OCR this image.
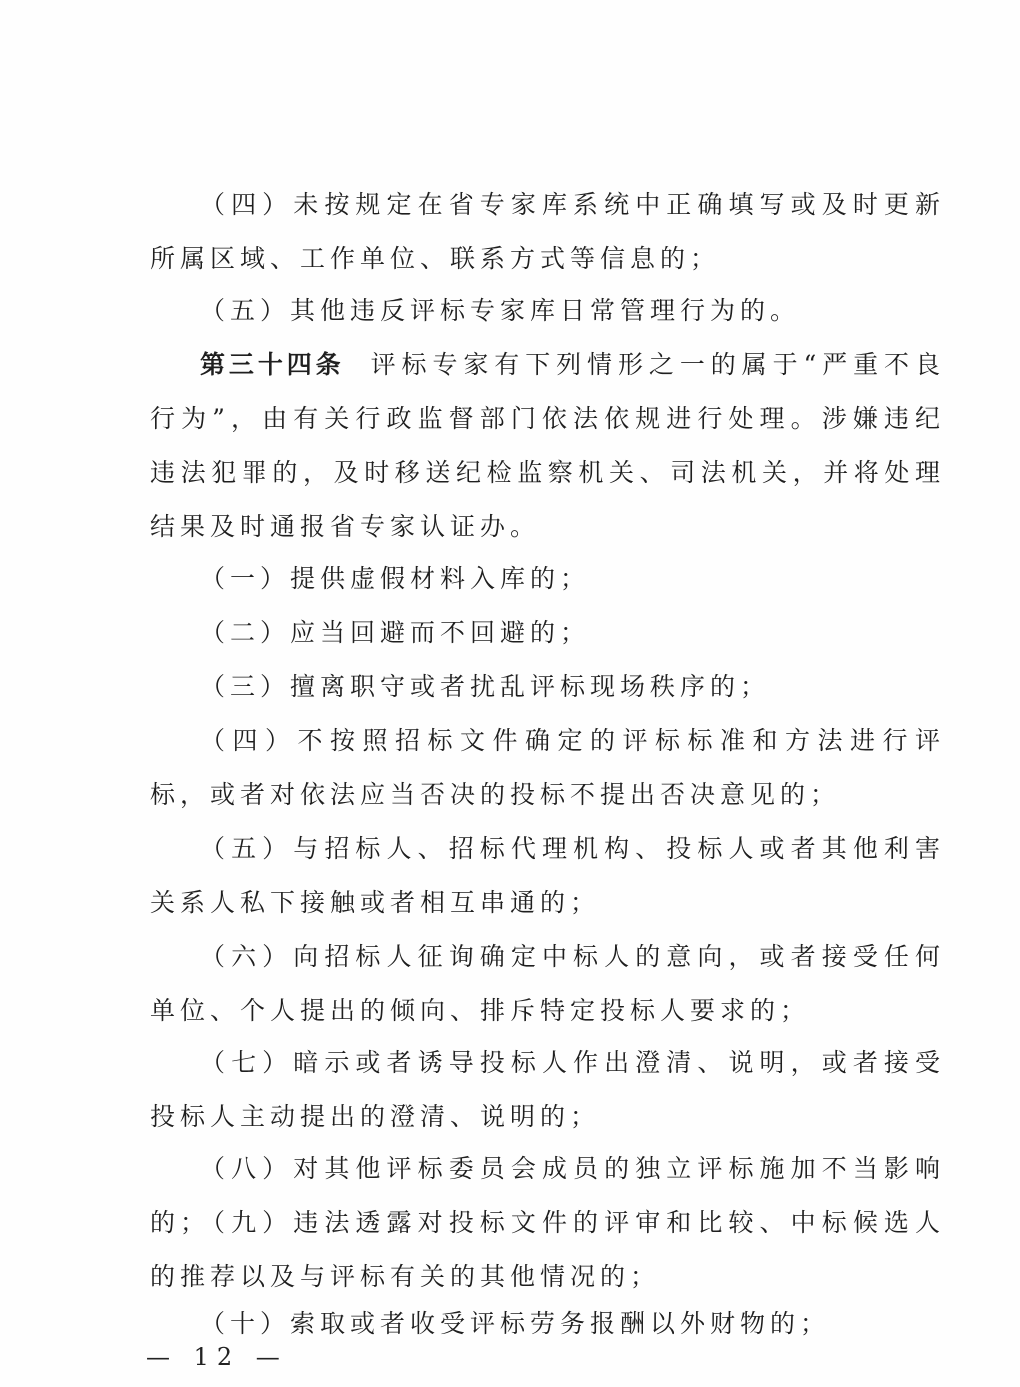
（四）未按规定在省专家库系统中正确填写或及时更新所属区域、工作单位、联系方式等信息的；

（五）其他违反评标专家库日常管理行为的。

第三十四条 评标专家有下列情形之一的属于“严重不良行为”，由有关行政监督部门依法依规进行处理。涉嫌违纪违法犯罪的，及时移送纪检监察机关、司法机关，并将处理结果及时通报省专家认证办。

（一）提供虚假材料入库的；

（二）应当回避而不回避的；

（三）擅离职守或者扰乱评标现场秩序的；

（四）不按照招标文件确定的评标标准和方法进行评标，或者对依法应当否决的投标不提出否决意见的；

（五）与招标人、招标代理机构、投标人或者其他利害关系人私下接触或者相互串通的；

（六）向招标人征询确定中标人的意向，或者接受任何单位、个人提出的倾向、排斥特定投标人要求的；

（七）暗示或者诱导投标人作出澄清、说明，或者接受投标人主动提出的澄清、说明的；

（八）对其他评标委员会成员的独立评标施加不当影响的；

（九）违法透露对投标文件的评审和比较、中标候选人的推荐以及与评标有关的其他情况的；

（十）索取或者收受评标劳务报酬以外财物的；

— 12 —
